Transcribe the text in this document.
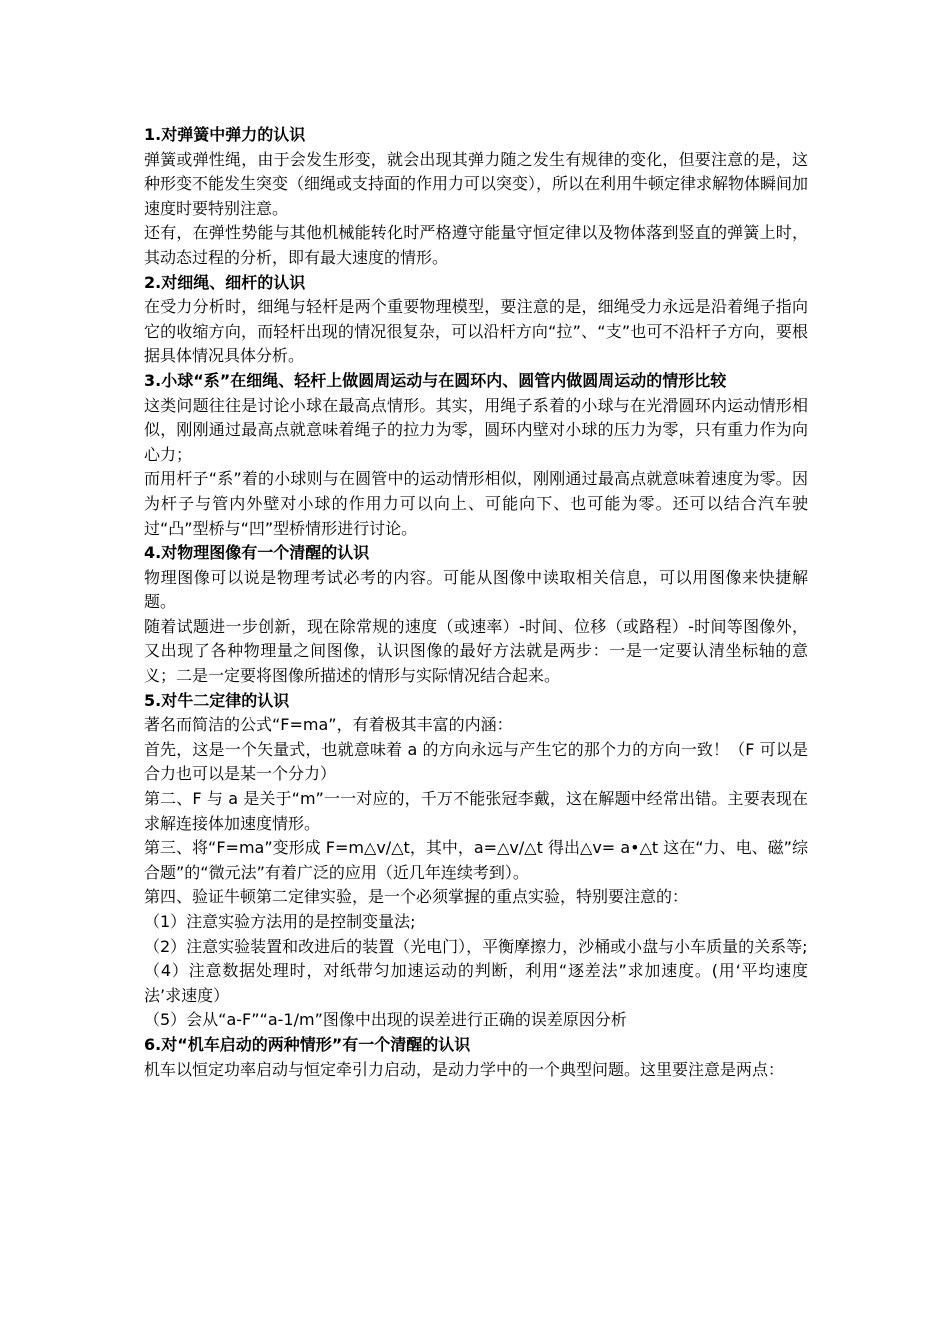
1.对弹簧中弹力的认识
弹簧或弹性绳，由于会发生形变，就会出现其弹力随之发生有规律的变化，但要注意的是，这种形变不能发生突变（细绳或支持面的作用力可以突变），所以在利用牛顿定律求解物体瞬间加速度时要特别注意。
还有，在弹性势能与其他机械能转化时严格遵守能量守恒定律以及物体落到竖直的弹簧上时，其动态过程的分析，即有最大速度的情形。
2.对细绳、细杆的认识
在受力分析时，细绳与轻杆是两个重要物理模型，要注意的是，细绳受力永远是沿着绳子指向它的收缩方向，而轻杆出现的情况很复杂，可以沿杆方向“拉”、“支”也可不沿杆子方向，要根据具体情况具体分析。
3.小球“系”在细绳、轻杆上做圆周运动与在圆环内、圆管内做圆周运动的情形比较
这类问题往往是讨论小球在最高点情形。其实，用绳子系着的小球与在光滑圆环内运动情形相似，刚刚通过最高点就意味着绳子的拉力为零，圆环内壁对小球的压力为零，只有重力作为向心力；
而用杆子“系”着的小球则与在圆管中的运动情形相似，刚刚通过最高点就意味着速度为零。因为杆子与管内外壁对小球的作用力可以向上、可能向下、也可能为零。还可以结合汽车驶过“凸”型桥与“凹”型桥情形进行讨论。
4.对物理图像有一个清醒的认识
物理图像可以说是物理考试必考的内容。可能从图像中读取相关信息，可以用图像来快捷解题。
随着试题进一步创新，现在除常规的速度（或速率）-时间、位移（或路程）-时间等图像外，又出现了各种物理量之间图像，认识图像的最好方法就是两步：一是一定要认清坐标轴的意义；二是一定要将图像所描述的情形与实际情况结合起来。
5.对牛二定律的认识
著名而简洁的公式“F=ma”，有着极其丰富的内涵：
首先，这是一个矢量式，也就意味着 a 的方向永远与产生它的那个力的方向一致！（F 可以是合力也可以是某一个分力）
第二、F 与 a 是关于“m”一一对应的，千万不能张冠李戴，这在解题中经常出错。主要表现在求解连接体加速度情形。
第三、将“F=ma”变形成 F=m△v/△t，其中，a=△v/△t 得出△v= a•△t 这在“力、电、磁”综合题”的“微元法”有着广泛的应用（近几年连续考到）。
第四、验证牛顿第二定律实验，是一个必须掌握的重点实验，特别要注意的：
（1）注意实验方法用的是控制变量法;
（2）注意实验装置和改进后的装置（光电门），平衡摩擦力，沙桶或小盘与小车质量的关系等;
（4）注意数据处理时，对纸带匀加速运动的判断，利用“逐差法”求加速度。(用‘平均速度法’求速度）
（5）会从“a-F”“a-1/m”图像中出现的误差进行正确的误差原因分析
6.对“机车启动的两种情形”有一个清醒的认识
机车以恒定功率启动与恒定牵引力启动，是动力学中的一个典型问题。这里要注意是两点：
